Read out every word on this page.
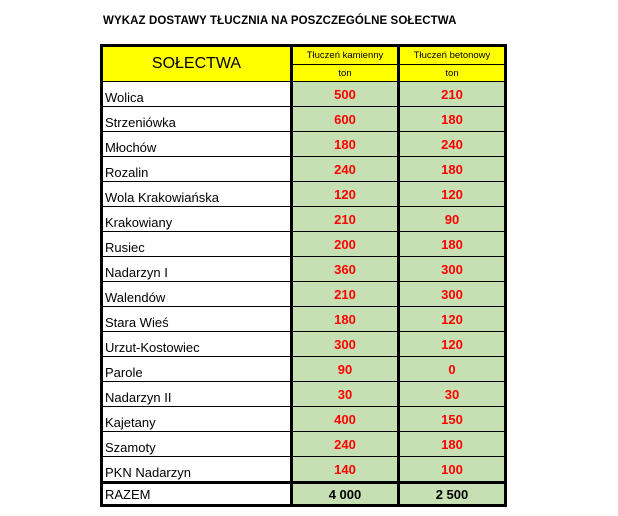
WYKAZ DOSTAWY TŁUCZNIA NA POSZCZEGÓLNE SOŁECTWA
SOŁECTWA	Tłuczeń kamienny	Tłuczeń betonowy
	ton	ton
Wolica	500	210
Strzeniówka	600	180
Młochów	180	240
Rozalin	240	180
Wola Krakowiańska	120	120
Krakowiany	210	90
Rusiec	200	180
Nadarzyn I	360	300
Walendów	210	300
Stara Wieś	180	120
Urzut-Kostowiec	300	120
Parole	90	0
Nadarzyn II	30	30
Kajetany	400	150
Szamoty	240	180
PKN Nadarzyn	140	100
RAZEM	4 000	2 500
